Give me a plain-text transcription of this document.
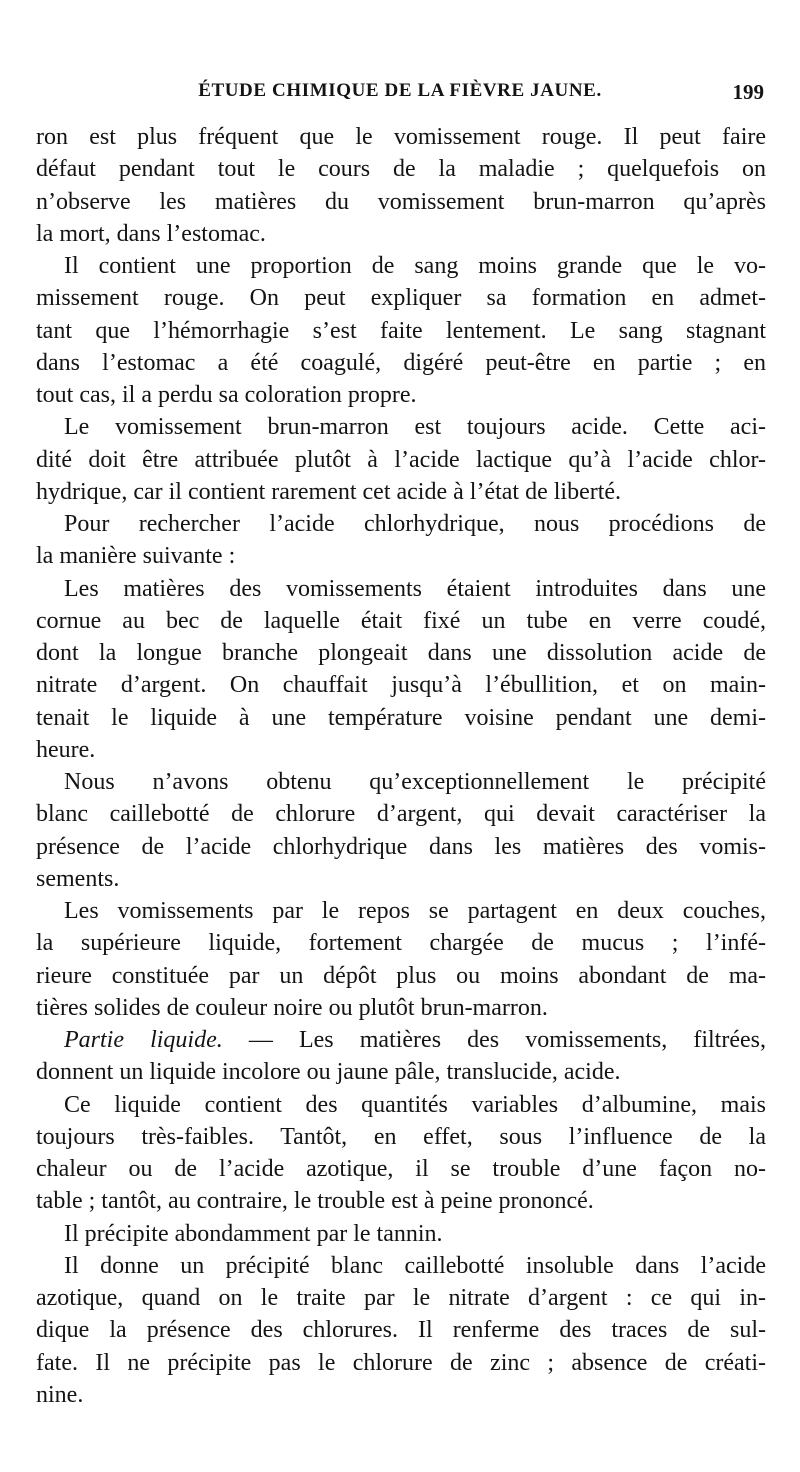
ÉTUDE CHIMIQUE DE LA FIÈVRE JAUNE.	199
ron est plus fréquent que le vomissement rouge. Il peut faire
défaut pendant tout le cours de la maladie ; quelquefois on
n’observe les matières du vomissement brun-marron qu’après
la mort, dans l’estomac.
Il contient une proportion de sang moins grande que le vo-
missement rouge. On peut expliquer sa formation en admet-
tant que l’hémorrhagie s’est faite lentement. Le sang stagnant
dans l’estomac a été coagulé, digéré peut-être en partie ; en
tout cas, il a perdu sa coloration propre.
Le vomissement brun-marron est toujours acide. Cette aci-
dité doit être attribuée plutôt à l’acide lactique qu’à l’acide chlor-
hydrique, car il contient rarement cet acide à l’état de liberté.
Pour rechercher l’acide chlorhydrique, nous procédions de
la manière suivante :
Les matières des vomissements étaient introduites dans une
cornue au bec de laquelle était fixé un tube en verre coudé,
dont la longue branche plongeait dans une dissolution acide de
nitrate d’argent. On chauffait jusqu’à l’ébullition, et on main-
tenait le liquide à une température voisine pendant une demi-
heure.
Nous n’avons obtenu qu’exceptionnellement le précipité
blanc caillebotté de chlorure d’argent, qui devait caractériser la
présence de l’acide chlorhydrique dans les matières des vomis-
sements.
Les vomissements par le repos se partagent en deux couches,
la supérieure liquide, fortement chargée de mucus ; l’infé-
rieure constituée par un dépôt plus ou moins abondant de ma-
tières solides de couleur noire ou plutôt brun-marron.
Partie liquide. — Les matières des vomissements, filtrées,
donnent un liquide incolore ou jaune pâle, translucide, acide.
Ce liquide contient des quantités variables d’albumine, mais
toujours très-faibles. Tantôt, en effet, sous l’influence de la
chaleur ou de l’acide azotique, il se trouble d’une façon no-
table ; tantôt, au contraire, le trouble est à peine prononcé.
Il précipite abondamment par le tannin.
Il donne un précipité blanc caillebotté insoluble dans l’acide
azotique, quand on le traite par le nitrate d’argent : ce qui in-
dique la présence des chlorures. Il renferme des traces de sul-
fate. Il ne précipite pas le chlorure de zinc ; absence de créati-
nine.
